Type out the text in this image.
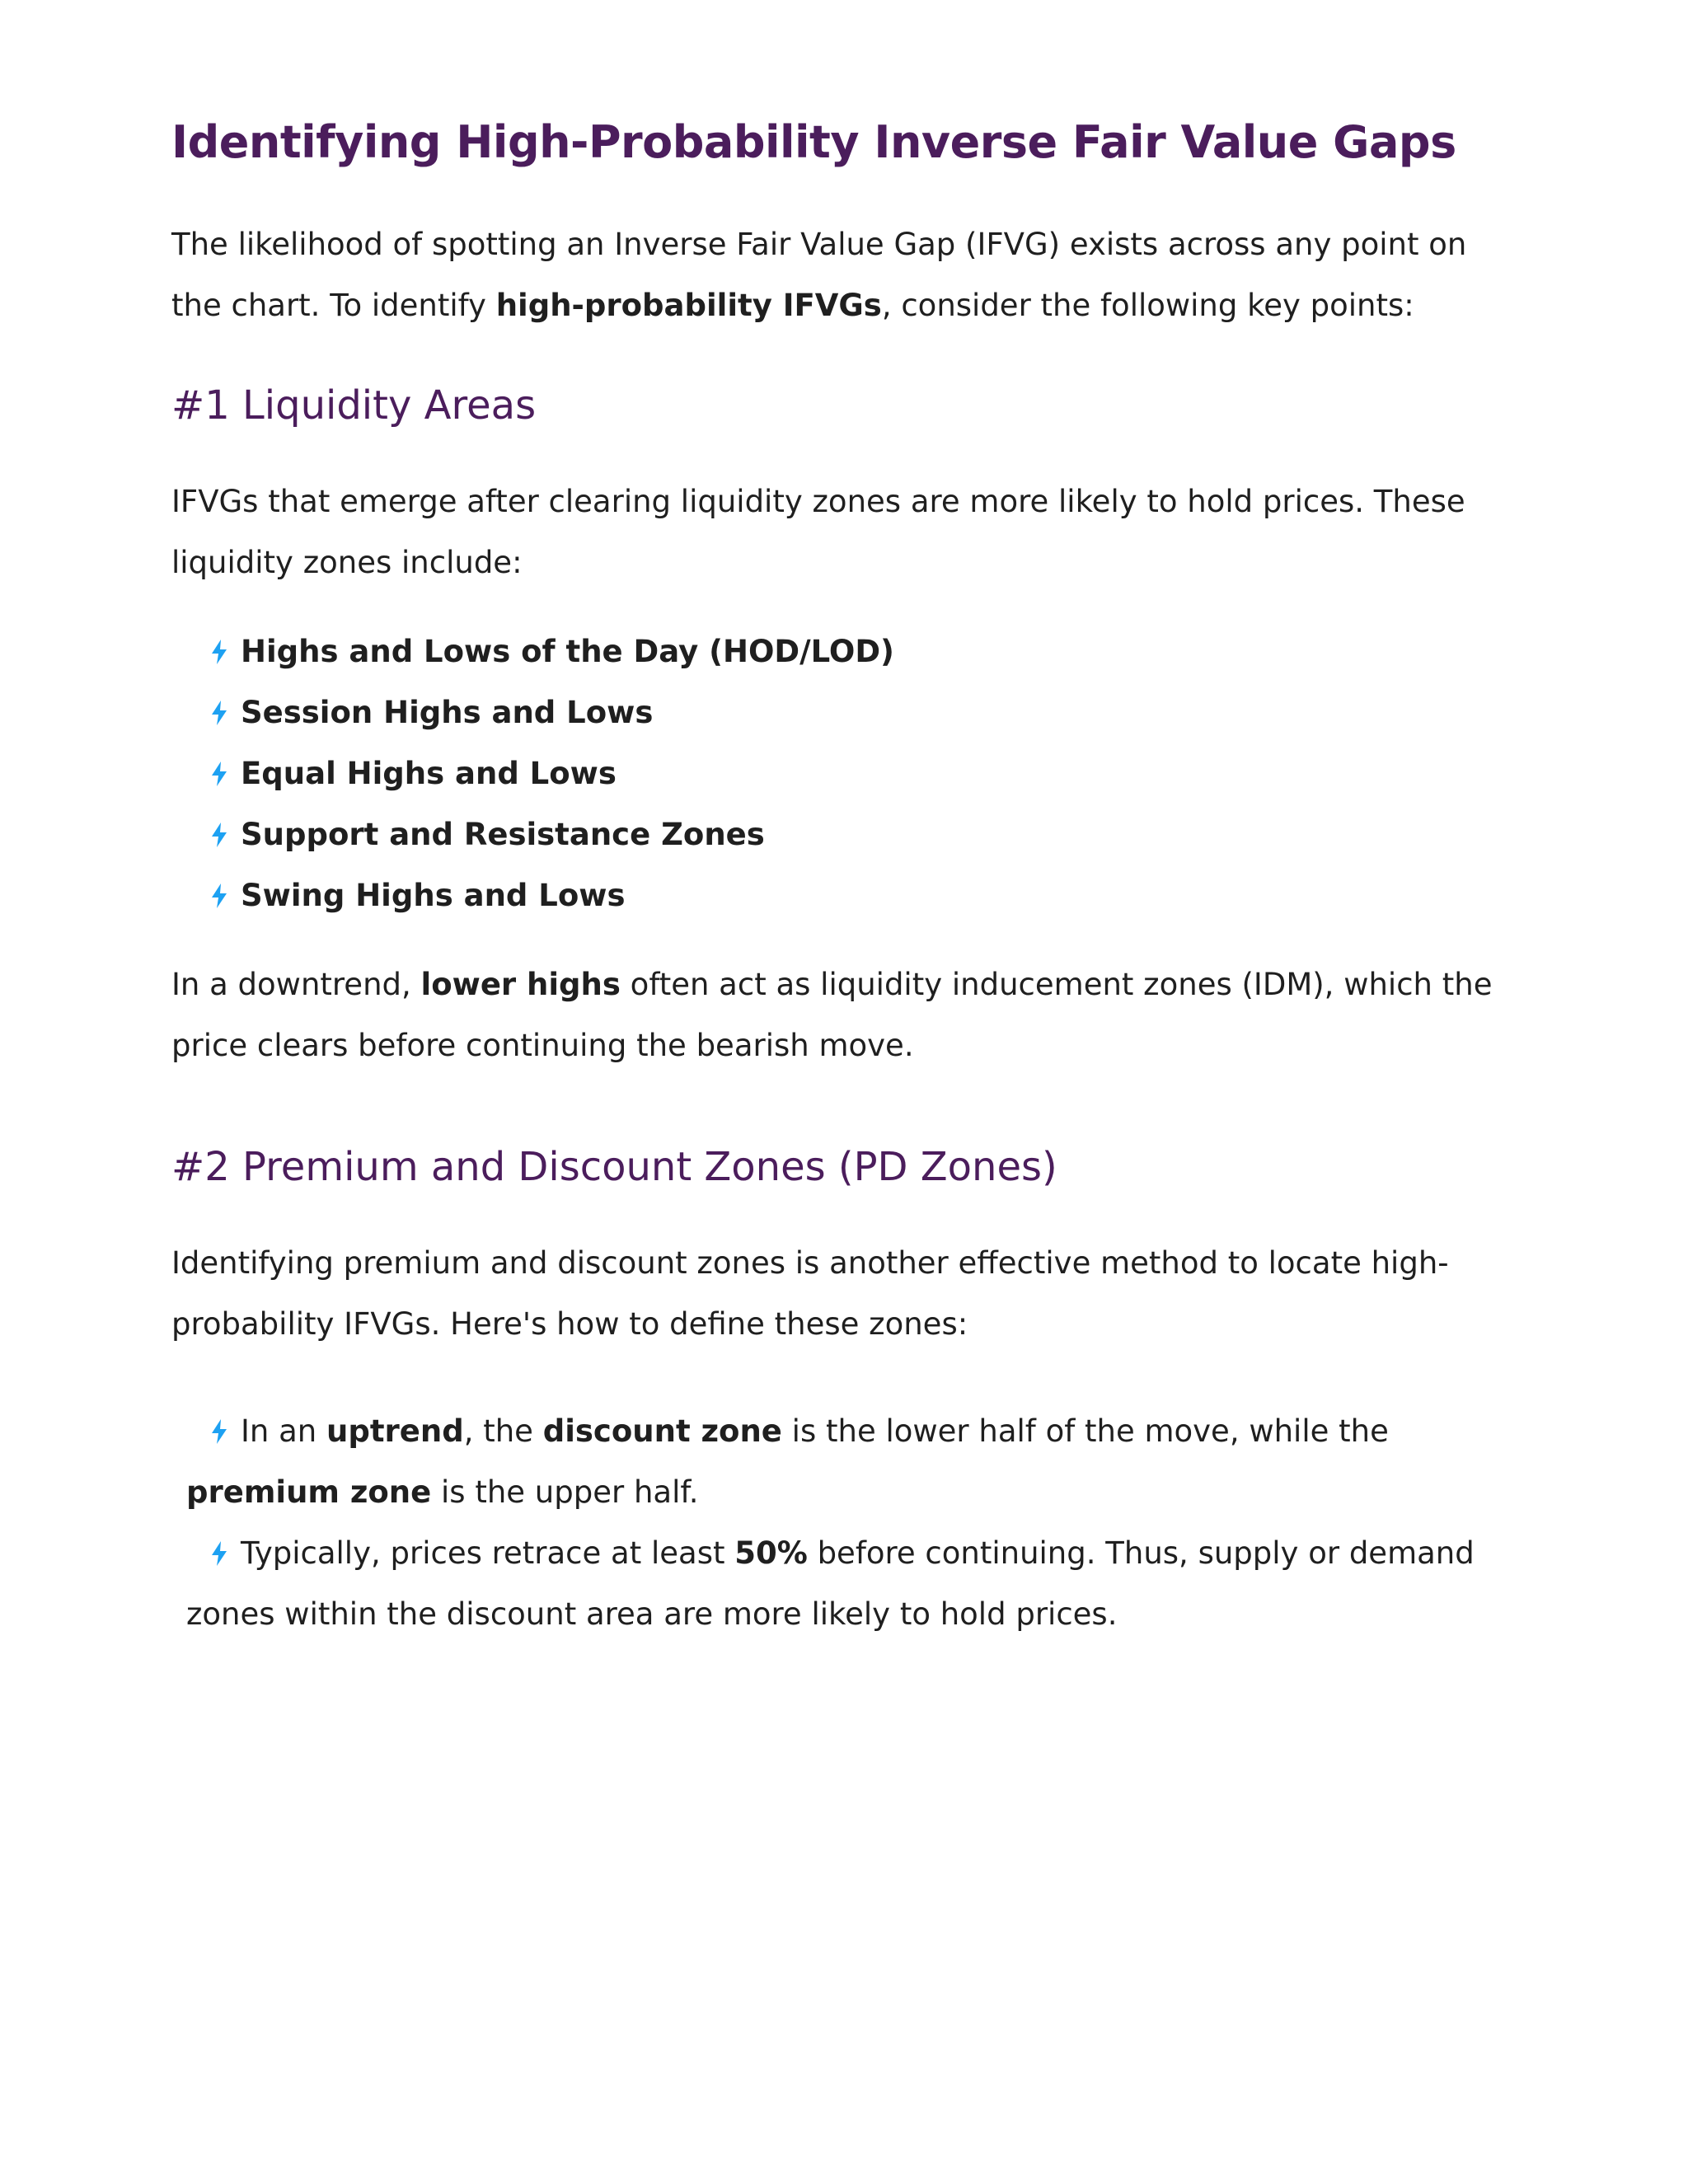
Identifying High-Probability Inverse Fair Value Gaps

The likelihood of spotting an Inverse Fair Value Gap (IFVG) exists across any point on the chart. To identify high-probability IFVGs, consider the following key points:

#1 Liquidity Areas

IFVGs that emerge after clearing liquidity zones are more likely to hold prices. These liquidity zones include:

Highs and Lows of the Day (HOD/LOD)
Session Highs and Lows
Equal Highs and Lows
Support and Resistance Zones
Swing Highs and Lows

In a downtrend, lower highs often act as liquidity inducement zones (IDM), which the price clears before continuing the bearish move.

#2 Premium and Discount Zones (PD Zones)

Identifying premium and discount zones is another effective method to locate high-probability IFVGs. Here's how to define these zones:

In an uptrend, the discount zone is the lower half of the move, while the premium zone is the upper half.
Typically, prices retrace at least 50% before continuing. Thus, supply or demand zones within the discount area are more likely to hold prices.
